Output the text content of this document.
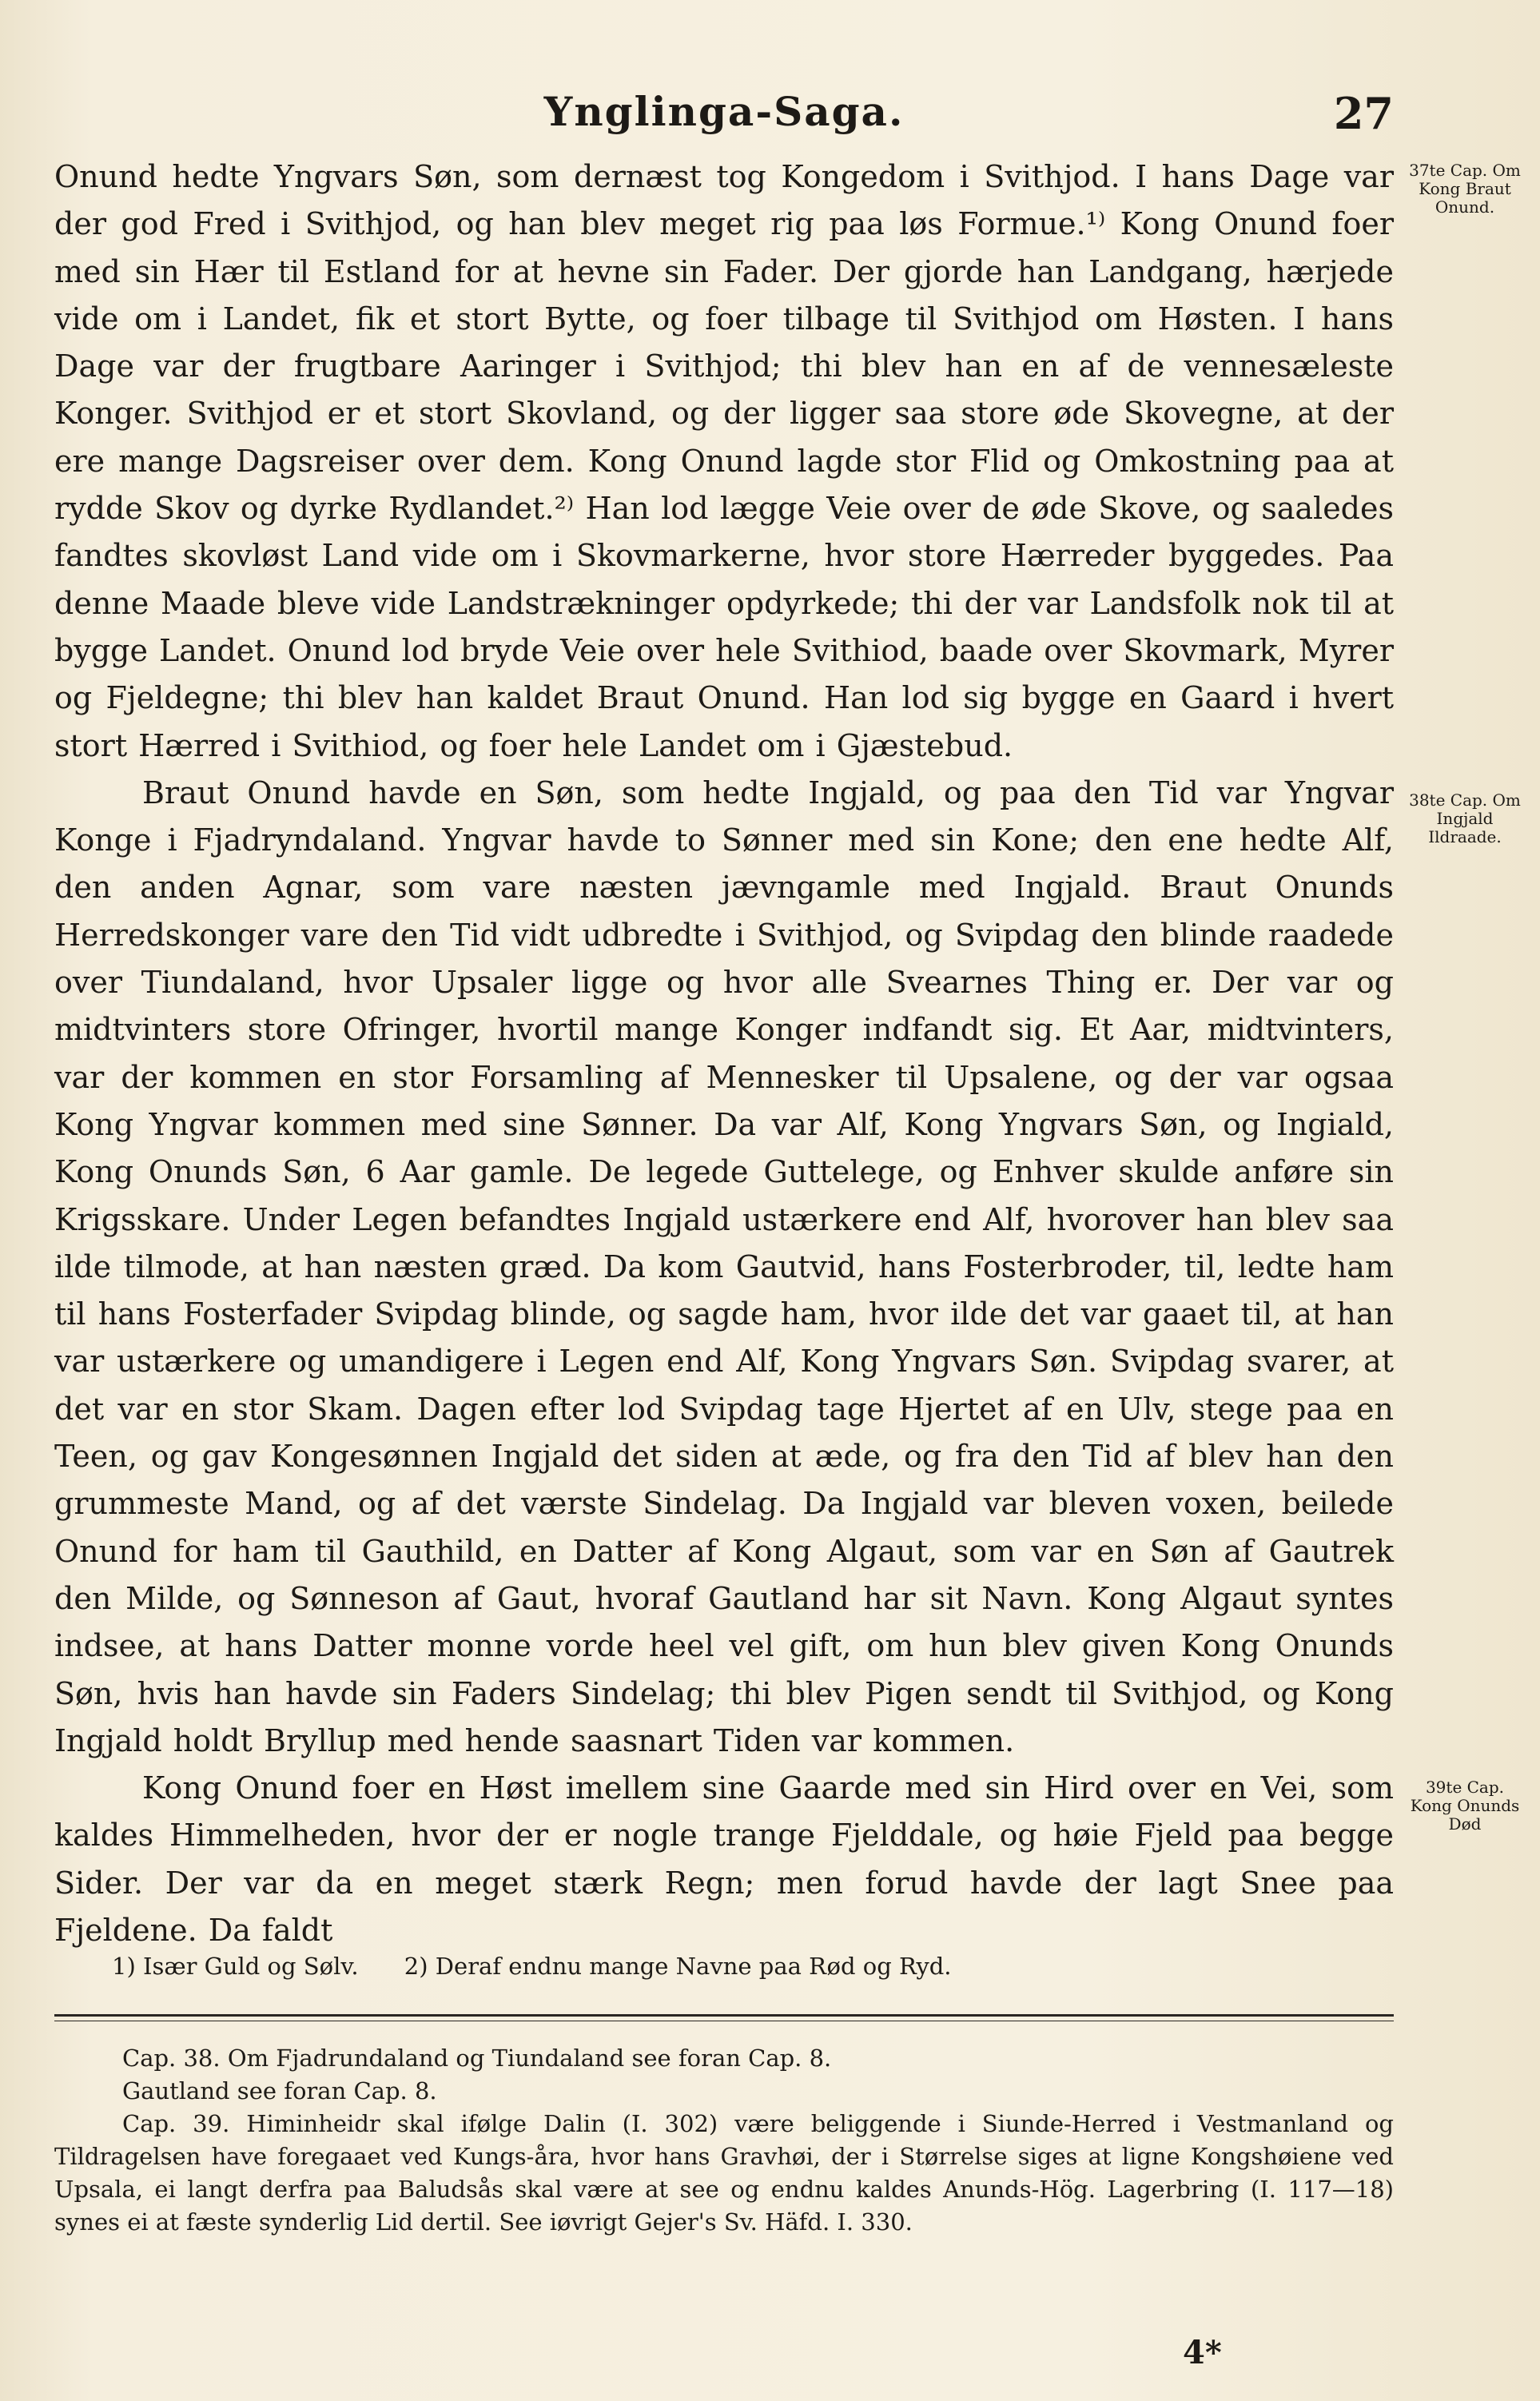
Ynglinga-Saga.	27

Onund hedte Yngvars Søn, som dernæst tog Kongedom i Svithjod. I hans Dage var der god Fred i Svithjod, og han blev meget rig paa løs Formue.¹⁾ Kong Onund foer med sin Hær til Estland for at hevne sin Fader. Der gjorde han Landgang, hærjede vide om i Landet, fik et stort Bytte, og foer tilbage til Svithjod om Høsten. I hans Dage var der frugtbare Aaringer i Svithjod; thi blev han en af de vennesæleste Konger. Svithjod er et stort Skovland, og der ligger saa store øde Skovegne, at der ere mange Dagsreiser over dem. Kong Onund lagde stor Flid og Omkostning paa at rydde Skov og dyrke Rydlandet.²⁾ Han lod lægge Veie over de øde Skove, og saaledes fandtes skovløst Land vide om i Skovmarkerne, hvor store Hærreder byggedes. Paa denne Maade bleve vide Landstrækninger opdyrkede; thi der var Landsfolk nok til at bygge Landet. Onund lod bryde Veie over hele Svithiod, baade over Skovmark, Myrer og Fjeldegne; thi blev han kaldet Braut Onund. Han lod sig bygge en Gaard i hvert stort Hærred i Svithiod, og foer hele Landet om i Gjæstebud.

Braut Onund havde en Søn, som hedte Ingjald, og paa den Tid var Yngvar Konge i Fjadryndaland. Yngvar havde to Sønner med sin Kone; den ene hedte Alf, den anden Agnar, som vare næsten jævngamle med Ingjald. Braut Onunds Herredskonger vare den Tid vidt udbredte i Svithjod, og Svipdag den blinde raadede over Tiundaland, hvor Upsaler ligge og hvor alle Svearnes Thing er. Der var og midtvinters store Ofringer, hvortil mange Konger indfandt sig. Et Aar, midtvinters, var der kommen en stor Forsamling af Mennesker til Upsalene, og der var ogsaa Kong Yngvar kommen med sine Sønner. Da var Alf, Kong Yngvars Søn, og Ingiald, Kong Onunds Søn, 6 Aar gamle. De legede Guttelege, og Enhver skulde anføre sin Krigsskare. Under Legen befandtes Ingjald ustærkere end Alf, hvorover han blev saa ilde tilmode, at han næsten græd. Da kom Gautvid, hans Fosterbroder, til, ledte ham til hans Fosterfader Svipdag blinde, og sagde ham, hvor ilde det var gaaet til, at han var ustærkere og umandigere i Legen end Alf, Kong Yngvars Søn. Svipdag svarer, at det var en stor Skam. Dagen efter lod Svipdag tage Hjertet af en Ulv, stege paa en Teen, og gav Kongesønnen Ingjald det siden at æde, og fra den Tid af blev han den grummeste Mand, og af det værste Sindelag. Da Ingjald var bleven voxen, beilede Onund for ham til Gauthild, en Datter af Kong Algaut, som var en Søn af Gautrek den Milde, og Sønneson af Gaut, hvoraf Gautland har sit Navn. Kong Algaut syntes indsee, at hans Datter monne vorde heel vel gift, om hun blev given Kong Onunds Søn, hvis han havde sin Faders Sindelag; thi blev Pigen sendt til Svithjod, og Kong Ingjald holdt Bryllup med hende saasnart Tiden var kommen.

Kong Onund foer en Høst imellem sine Gaarde med sin Hird over en Vei, som kaldes Himmelheden, hvor der er nogle trange Fjelddale, og høie Fjeld paa begge Sider. Der var da en meget stærk Regn; men forud havde der lagt Snee paa Fjeldene. Da faldt

37te Cap. Om Kong Braut Onund.
38te Cap. Om Ingjald Ildraade.
39te Cap. Kong Onunds Død
1) Især Guld og Sølv. 2) Deraf endnu mange Navne paa Rød og Ryd.

Cap. 38. Om Fjadrundaland og Tiundaland see foran Cap. 8.

Gautland see foran Cap. 8.

Cap. 39. Himinheidr skal ifølge Dalin (I. 302) være beliggende i Siunde-Herred i Vestmanland og Tildragelsen have foregaaet ved Kungs-åra, hvor hans Gravhøi, der i Størrelse siges at ligne Kongshøiene ved Upsala, ei langt derfra paa Baludsås skal være at see og endnu kaldes Anunds-Hög. Lagerbring (I. 117—18) synes ei at fæste synderlig Lid dertil. See iøvrigt Gejer's Sv. Häfd. I. 330.

4*
